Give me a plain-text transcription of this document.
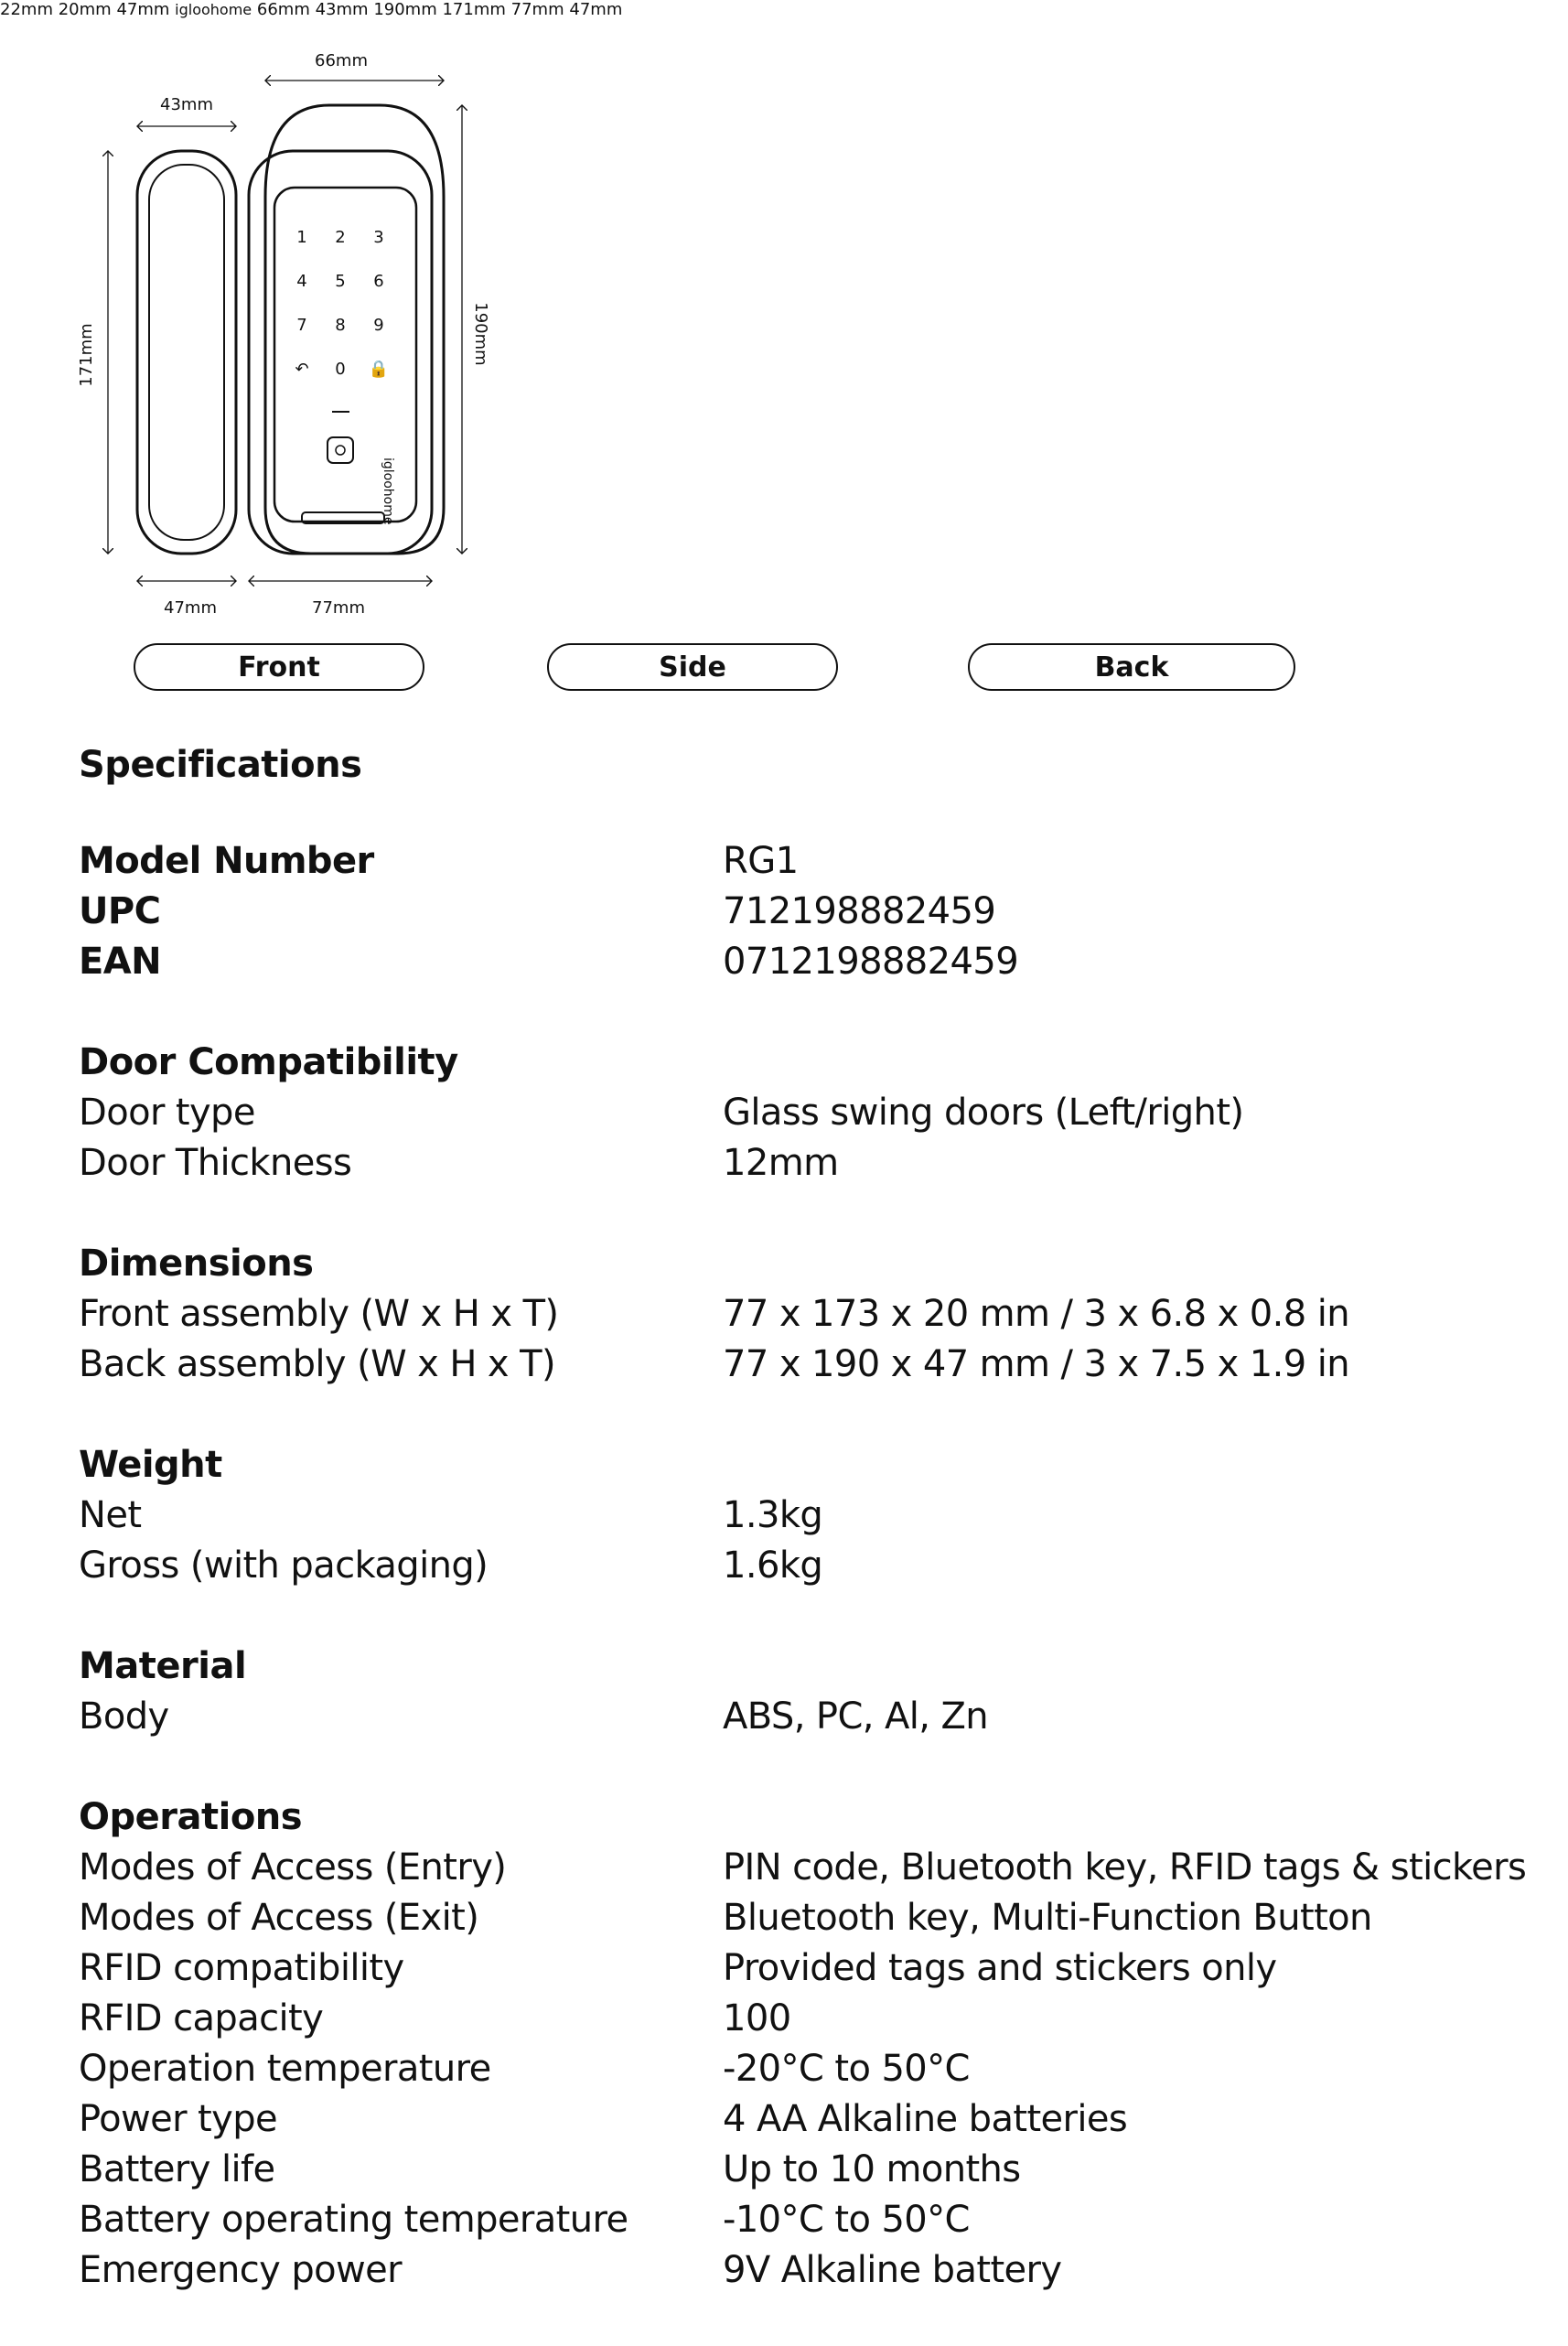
1 2 3
4 5 6
7 8 9
↶ 0 🔒
igloohome
66mm
43mm
171mm	190mm
47mm	77mm
22mm 20mm 47mm igloohome 66mm 43mm 190mm 171mm 77mm 47mm
Front	Side	Back
Specifications
Model Number	RG1
UPC	712198882459
EAN	0712198882459
Door Compatibility
Door type	Glass swing doors (Left/right)
Door Thickness	12mm
Dimensions
Front assembly (W x H x T)	77 x 173 x 20 mm / 3 x 6.8 x 0.8 in
Back assembly (W x H x T)	77 x 190 x 47 mm / 3 x 7.5 x 1.9 in
Weight
Net	1.3kg
Gross (with packaging)	1.6kg
Material
Body	ABS, PC, Al, Zn
Operations
Modes of Access (Entry)	PIN code, Bluetooth key, RFID tags & stickers
Modes of Access (Exit)	Bluetooth key, Multi-Function Button
RFID compatibility	Provided tags and stickers only
RFID capacity	100
Operation temperature	-20°C to 50°C
Power type	4 AA Alkaline batteries
Battery life	Up to 10 months
Battery operating temperature	-10°C to 50°C
Emergency power	9V Alkaline battery
